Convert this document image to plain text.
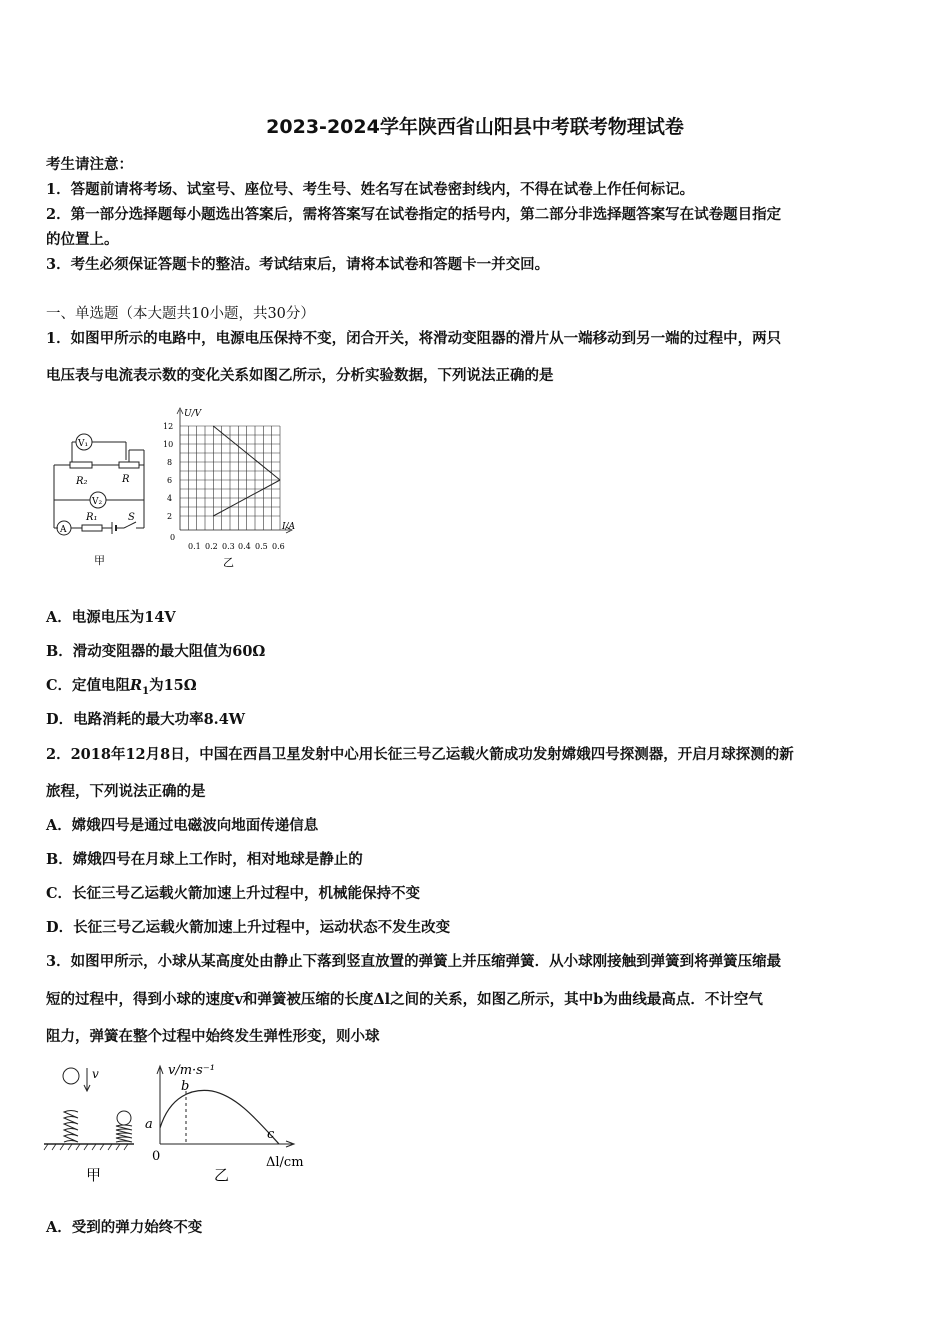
2023-2024学年陕西省山阳县中考联考物理试卷
考生请注意：
1．答题前请将考场、试室号、座位号、考生号、姓名写在试卷密封线内，不得在试卷上作任何标记。
2．第一部分选择题每小题选出答案后，需将答案写在试卷指定的括号内，第二部分非选择题答案写在试卷题目指定
的位置上。
3．考生必须保证答题卡的整洁。考试结束后，请将本试卷和答题卡一并交回。
一、单选题（本大题共10小题，共30分）
1．如图甲所示的电路中，电源电压保持不变，闭合开关，将滑动变阻器的滑片从一端移动到另一端的过程中，两只
电压表与电流表示数的变化关系如图乙所示，分析实验数据，下列说法正确的是
V₁
V₂
A
R₂	R
R₁	S
甲
U/V
I/A
2
4
6
8
10
12
0
0.1 0.2 0.3 0.4 0.5 0.6
乙
A．电源电压为14V
B．滑动变阻器的最大阻值为60Ω
C．定值电阻$R_1$为15Ω
D．电路消耗的最大功率8.4W
2．2018年12月8日，中国在西昌卫星发射中心用长征三号乙运载火箭成功发射嫦娥四号探测器，开启月球探测的新
旅程，下列说法正确的是
A．嫦娥四号是通过电磁波向地面传递信息
B．嫦娥四号在月球上工作时，相对地球是静止的
C．长征三号乙运载火箭加速上升过程中，机械能保持不变
D．长征三号乙运载火箭加速上升过程中，运动状态不发生改变
3．如图甲所示，小球从某高度处由静止下落到竖直放置的弹簧上并压缩弹簧．从小球刚接触到弹簧到将弹簧压缩最
短的过程中，得到小球的速度v和弹簧被压缩的长度Δl之间的关系，如图乙所示，其中b为曲线最高点．不计空气
阻力，弹簧在整个过程中始终发生弹性形变，则小球
v	v/m·s⁻¹
a
b
c
0	Δl/cm
甲	乙
A．受到的弹力始终不变
